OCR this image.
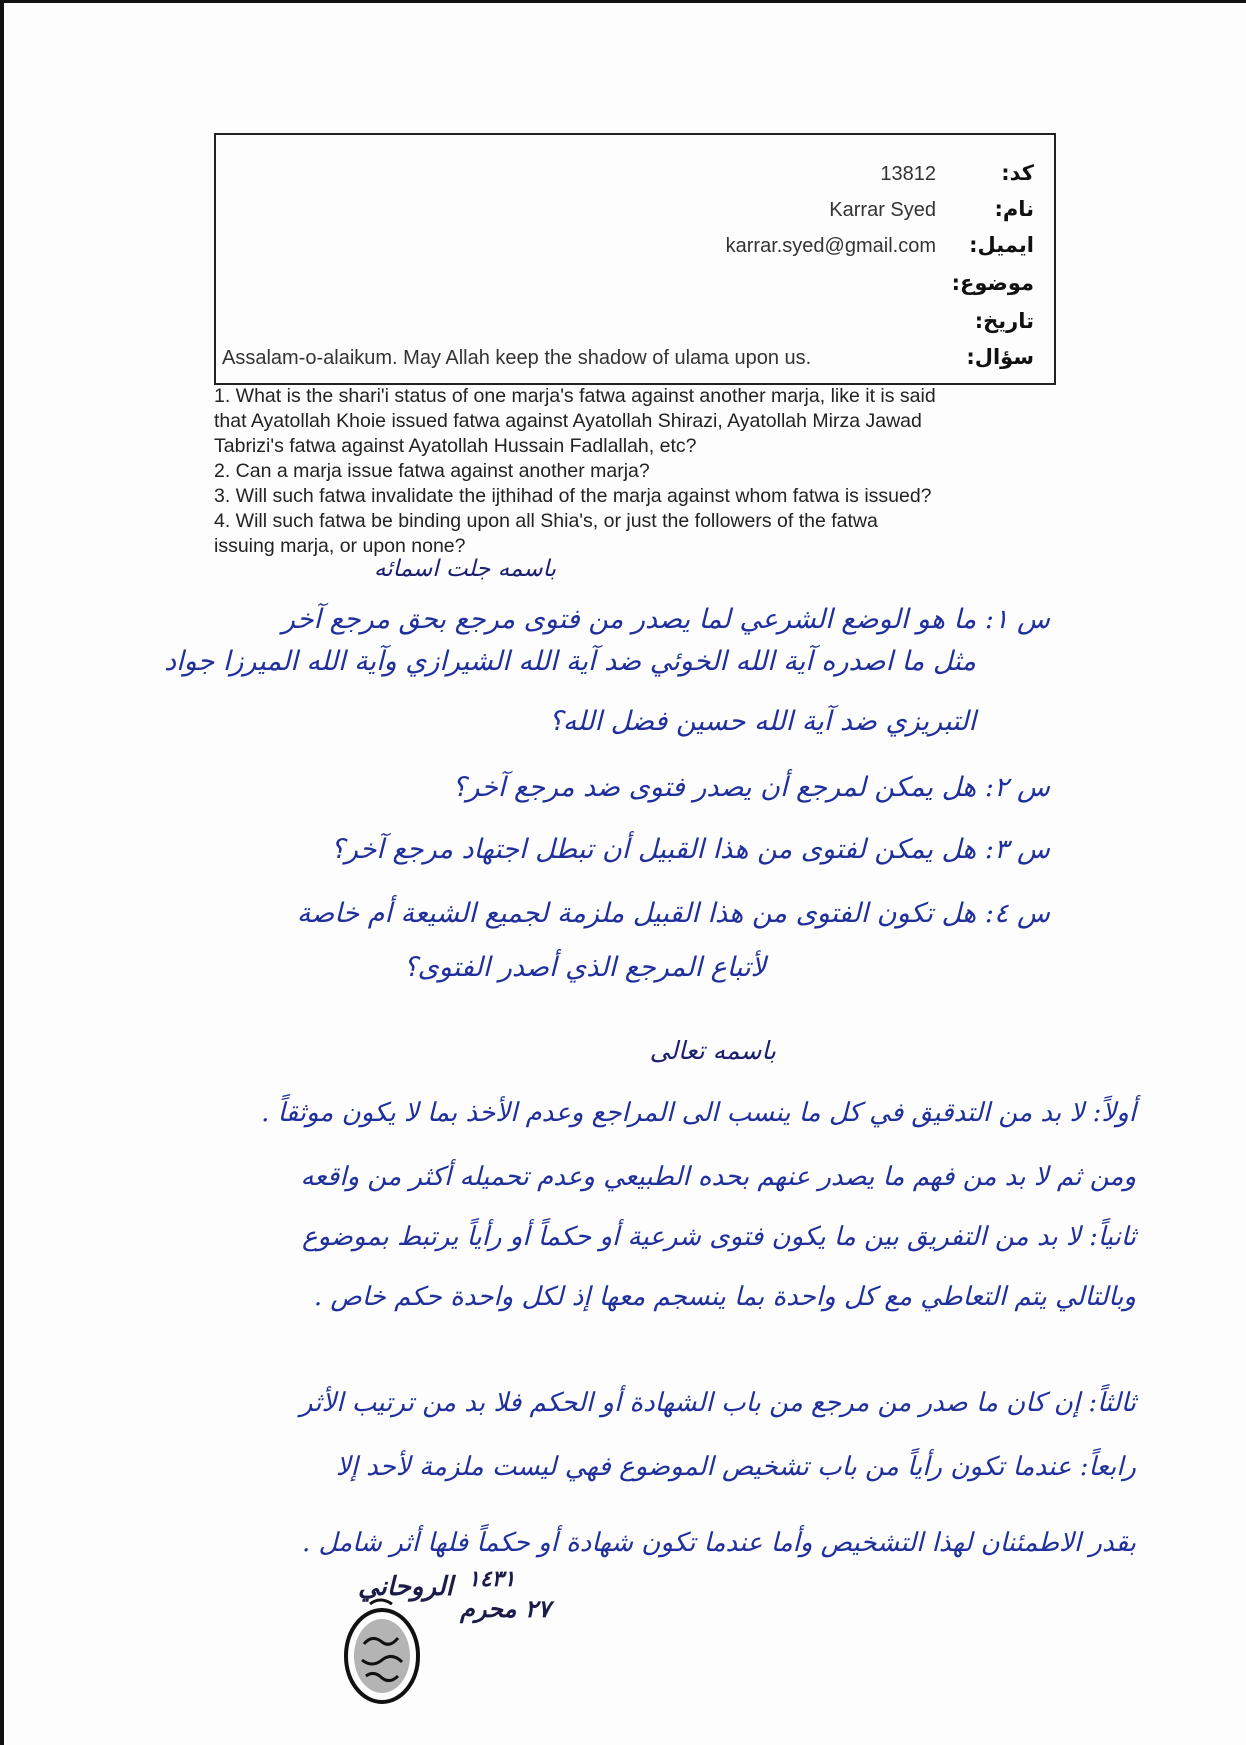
13812	کد:
Karrar Syed	نام:
karrar.syed@gmail.com ایمیل:
موضوع:
تاریخ:
Assalam-o-alaikum. May Allah keep the shadow of ulama upon us.	سؤال:

1. What is the shari'i status of one marja's fatwa against another marja, like it is said

that Ayatollah Khoie issued fatwa against Ayatollah Shirazi, Ayatollah Mirza Jawad

Tabrizi's fatwa against Ayatollah Hussain Fadlallah, etc?

2. Can a marja issue fatwa against another marja?

3. Will such fatwa invalidate the ijthihad of the marja against whom fatwa is issued?

4. Will such fatwa be binding upon all Shia's, or just the followers of the fatwa

issuing marja, or upon none?

باسمه جلت اسمائه
س ١: ما هو الوضع الشرعي لما يصدر من فتوى مرجع بحق مرجع آخر
مثل ما اصدره آية الله الخوئي ضد آية الله الشيرازي وآية الله الميرزا جواد
التبريزي ضد آية الله حسين فضل الله؟
س ٢: هل يمكن لمرجع أن يصدر فتوى ضد مرجع آخر؟
س ٣: هل يمكن لفتوى من هذا القبيل أن تبطل اجتهاد مرجع آخر؟
س ٤: هل تكون الفتوى من هذا القبيل ملزمة لجميع الشيعة أم خاصة
لأتباع المرجع الذي أصدر الفتوى؟
باسمه تعالى
أولاً: لا بد من التدقيق في كل ما ينسب الى المراجع وعدم الأخذ بما لا يكون موثقاً .
ومن ثم لا بد من فهم ما يصدر عنهم بحده الطبيعي وعدم تحميله أكثر من واقعه
ثانياً: لا بد من التفريق بين ما يكون فتوى شرعية أو حكماً أو رأياً يرتبط بموضوع
وبالتالي يتم التعاطي مع كل واحدة بما ينسجم معها إذ لكل واحدة حكم خاص .
ثالثاً: إن كان ما صدر من مرجع من باب الشهادة أو الحكم فلا بد من ترتيب الأثر
رابعاً: عندما تكون رأياً من باب تشخيص الموضوع فهي ليست ملزمة لأحد إلا
بقدر الاطمئنان لهذا التشخيص وأما عندما تكون شهادة أو حكماً فلها أثر شامل .
١٤٣١
٢٧ محرم
الروحاني
